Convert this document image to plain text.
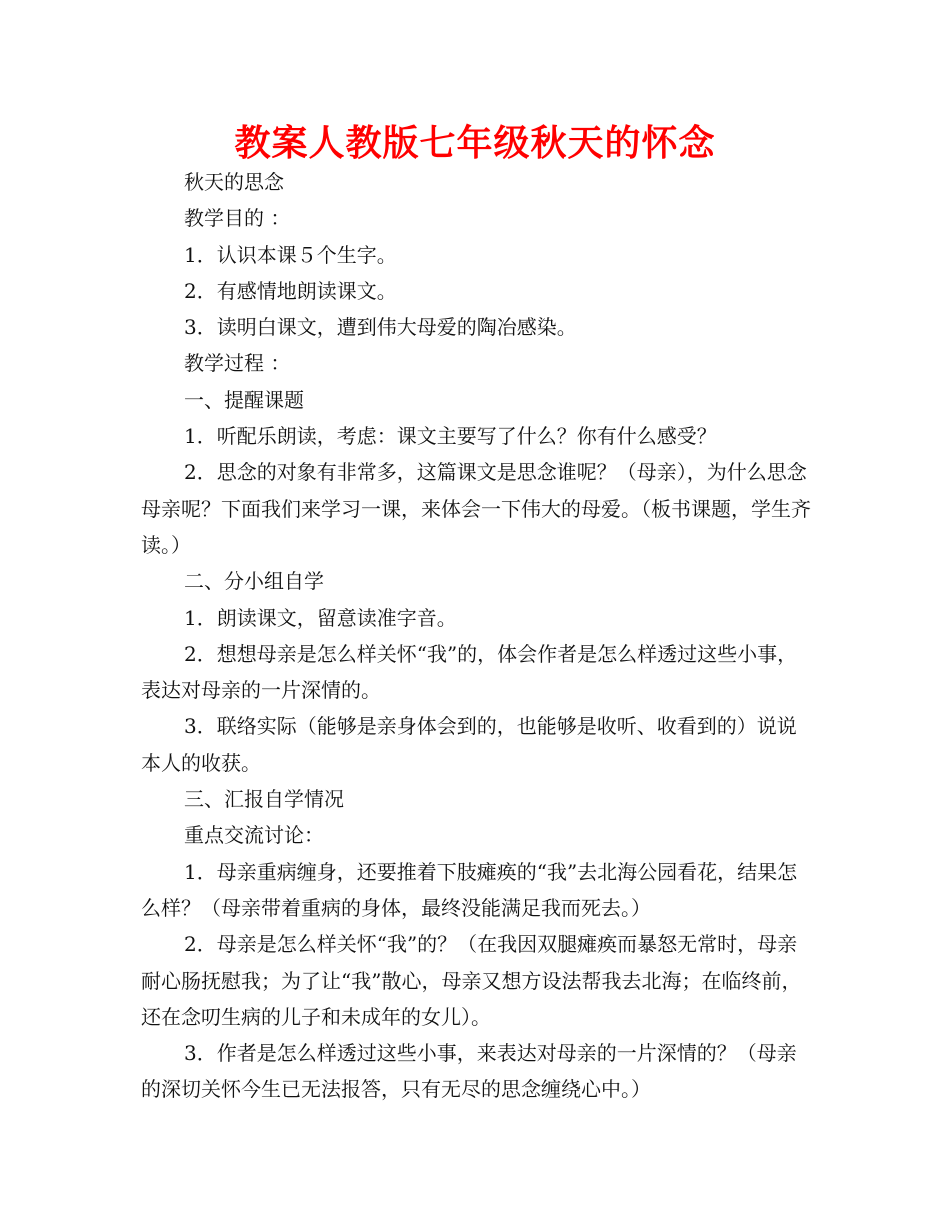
教案人教版七年级秋天的怀念

秋天的思念

教学目的 ：

1．认识本课５个生字。

2．有感情地朗读课文。

3．读明白课文，遭到伟大母爱的陶冶感染。

教学过程 ：

一、提醒课题

1．听配乐朗读，考虑：课文主要写了什么？你有什么感受？

2．思念的对象有非常多，这篇课文是思念谁呢？（母亲），为什么思念母亲呢？下面我们来学习一课，来体会一下伟大的母爱。（板书课题，学生齐读。）

二、分小组自学

1．朗读课文，留意读准字音。

2．想想母亲是怎么样关怀“我”的，体会作者是怎么样透过这些小事，表达对母亲的一片深情的。

3．联络实际（能够是亲身体会到的，也能够是收听、收看到的）说说本人的收获。

三、汇报自学情况

重点交流讨论：

1．母亲重病缠身，还要推着下肢瘫痪的“我”去北海公园看花，结果怎么样？（母亲带着重病的身体，最终没能满足我而死去。）

2．母亲是怎么样关怀“我”的？（在我因双腿瘫痪而暴怒无常时，母亲耐心肠抚慰我；为了让“我”散心，母亲又想方设法帮我去北海；在临终前，还在念叨生病的儿子和未成年的女儿）。

3．作者是怎么样透过这些小事，来表达对母亲的一片深情的？（母亲的深切关怀今生已无法报答，只有无尽的思念缠绕心中。）
